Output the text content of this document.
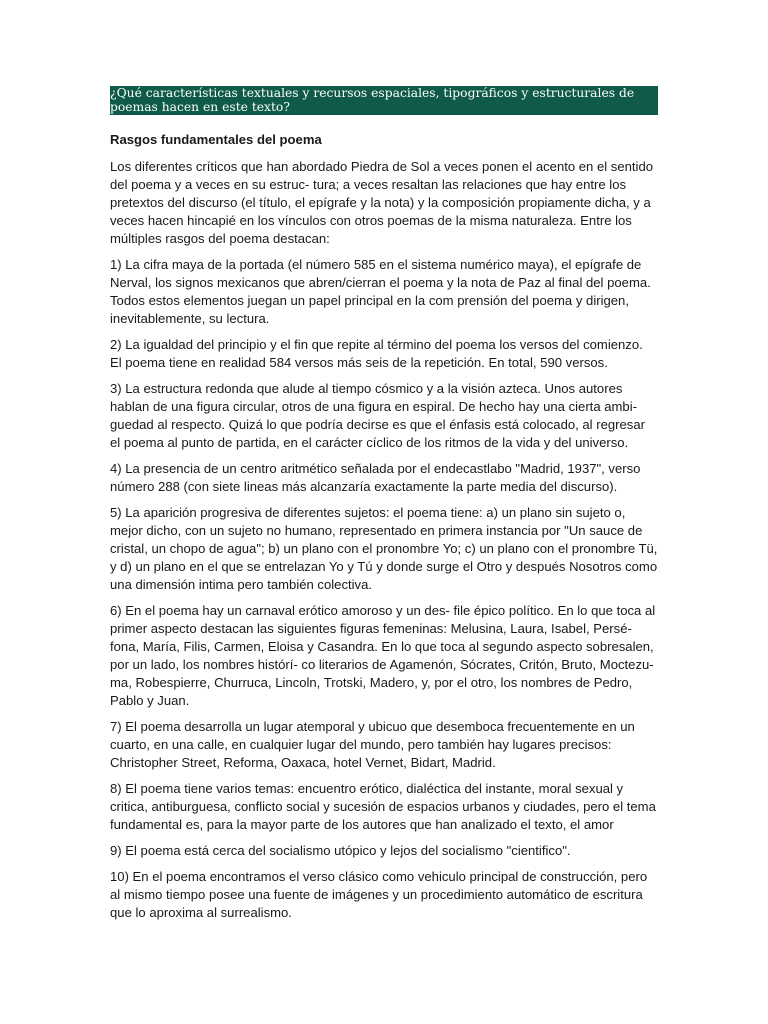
¿Qué características textuales y recursos espaciales, tipográficos y estructurales de poemas hacen en este texto?

Rasgos fundamentales del poema

Los diferentes críticos que han abordado Piedra de Sol a veces ponen el acento en el sentido del poema y a veces en su estruc- tura; a veces resaltan las relaciones que hay entre los pretextos del discurso (el título, el epígrafe y la nota) y la composición propiamente dicha, y a veces hacen hincapié en los vínculos con otros poemas de la misma naturaleza. Entre los múltiples rasgos del poema destacan:

1) La cifra maya de la portada (el número 585 en el sistema numérico maya), el epígrafe de Nerval, los signos mexicanos que abren/cierran el poema y la nota de Paz al final del poema. Todos estos elementos juegan un papel principal en la com prensión del poema y dirigen, inevitablemente, su lectura.

2) La igualdad del principio y el fin que repite al término del poema los versos del comienzo. El poema tiene en realidad 584 versos más seis de la repetición. En total, 590 versos.

3) La estructura redonda que alude al tiempo cósmico y a la visión azteca. Unos autores hablan de una figura circular, otros de una figura en espiral. De hecho hay una cierta ambi- guedad al respecto. Quizá lo que podría decirse es que el énfasis está colocado, al regresar el poema al punto de partida, en el carácter cíclico de los ritmos de la vida y del universo.

4) La presencia de un centro aritmético señalada por el endecastlabo "Madrid, 1937", verso número 288 (con siete lineas más alcanzaría exactamente la parte media del discurso).

5) La aparición progresiva de diferentes sujetos: el poema tiene: a) un plano sin sujeto o, mejor dicho, con un sujeto no humano, representado en primera instancia por "Un sauce de cristal, un chopo de agua"; b) un plano con el pronombre Yo; c) un plano con el pronombre Tü, y d) un plano en el que se entrelazan Yo y Tú y donde surge el Otro y después Nosotros como una dimensión intima pero también colectiva.

6) En el poema hay un carnaval erótico amoroso y un des- file épico político. En lo que toca al primer aspecto destacan las siguientes figuras femeninas: Melusina, Laura, Isabel, Persé- fona, María, Filis, Carmen, Eloisa y Casandra. En lo que toca al segundo aspecto sobresalen, por un lado, los nombres histórí- co literarios de Agamenón, Sócrates, Critón, Bruto, Moctezu- ma, Robespierre, Churruca, Lincoln, Trotski, Madero, y, por el otro, los nombres de Pedro, Pablo y Juan.

7) El poema desarrolla un lugar atemporal y ubicuo que desemboca frecuentemente en un cuarto, en una calle, en cualquier lugar del mundo, pero también hay lugares precisos: Christopher Street, Reforma, Oaxaca, hotel Vernet, Bidart, Madrid.

8) El poema tiene varios temas: encuentro erótico, dialéctica del instante, moral sexual y critica, antiburguesa, conflicto social y sucesión de espacios urbanos y ciudades, pero el tema fundamental es, para la mayor parte de los autores que han analizado el texto, el amor

9) El poema está cerca del socialismo utópico y lejos del socialismo "cientifico".

10) En el poema encontramos el verso clásico como vehiculo principal de construcción, pero al mismo tiempo posee una fuente de imágenes y un procedimiento automático de escritura que lo aproxima al surrealismo.
